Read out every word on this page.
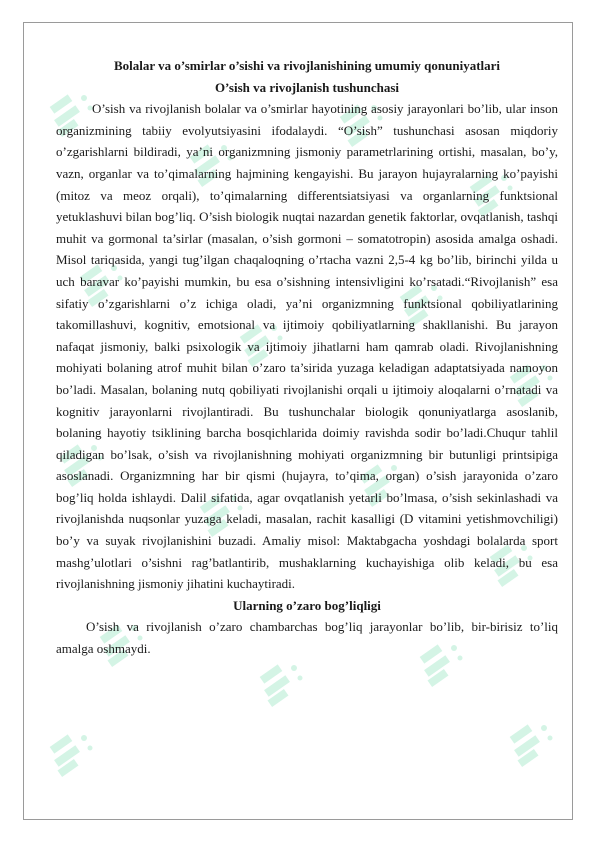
Bolalar va o’smirlar o’sishi va rivojlanishining umumiy qonuniyatlari

O’sish va rivojlanish tushunchasi

O’sish va rivojlanish bolalar va o’smirlar hayotining asosiy jarayonlari bo’lib, ular inson organizmining tabiiy evolyutsiyasini ifodalaydi. “O’sish” tushunchasi asosan miqdoriy o’zgarishlarni bildiradi, ya’ni organizmning jismoniy parametrlarining ortishi, masalan, bo’y, vazn, organlar va to’qimalarning hajmining kengayishi. Bu jarayon hujayralarning ko’payishi (mitoz va meoz orqali), to’qimalarning differentsiatsiyasi va organlarning funktsional yetuklashuvi bilan bog’liq. O’sish biologik nuqtai nazardan genetik faktorlar, ovqatlanish, tashqi muhit va gormonal ta’sirlar (masalan, o’sish gormoni – somatotropin) asosida amalga oshadi. Misol tariqasida, yangi tug’ilgan chaqaloqning o’rtacha vazni 2,5-4 kg bo’lib, birinchi yilda u uch baravar ko’payishi mumkin, bu esa o’sishning intensivligini ko’rsatadi.“Rivojlanish” esa sifatiy o’zgarishlarni o’z ichiga oladi, ya’ni organizmning funktsional qobiliyatlarining takomillashuvi, kognitiv, emotsional va ijtimoiy qobiliyatlarning shakllanishi. Bu jarayon nafaqat jismoniy, balki psixologik va ijtimoiy jihatlarni ham qamrab oladi. Rivojlanishning mohiyati bolaning atrof muhit bilan o’zaro ta’sirida yuzaga keladigan adaptatsiyada namoyon bo’ladi. Masalan, bolaning nutq qobiliyati rivojlanishi orqali u ijtimoiy aloqalarni o’rnatadi va kognitiv jarayonlarni rivojlantiradi. Bu tushunchalar biologik qonuniyatlarga asoslanib, bolaning hayotiy tsiklining barcha bosqichlarida doimiy ravishda sodir bo’ladi.Chuqur tahlil qiladigan bo’lsak, o’sish va rivojlanishning mohiyati organizmning bir butunligi printsipiga asoslanadi. Organizmning har bir qismi (hujayra, to’qima, organ) o’sish jarayonida o’zaro bog’liq holda ishlaydi. Dalil sifatida, agar ovqatlanish yetarli bo’lmasa, o’sish sekinlashadi va rivojlanishda nuqsonlar yuzaga keladi, masalan, rachit kasalligi (D vitamini yetishmovchiligi) bo’y va suyak rivojlanishini buzadi. Amaliy misol: Maktabgacha yoshdagi bolalarda sport mashg’ulotlari o’sishni rag’batlantirib, mushaklarning kuchayishiga olib keladi, bu esa rivojlanishning jismoniy jihatini kuchaytiradi.

Ularning o’zaro bog’liqligi

O’sish va rivojlanish o’zaro chambarchas bog’liq jarayonlar bo’lib, bir-birisiz to’liq amalga oshmaydi.
